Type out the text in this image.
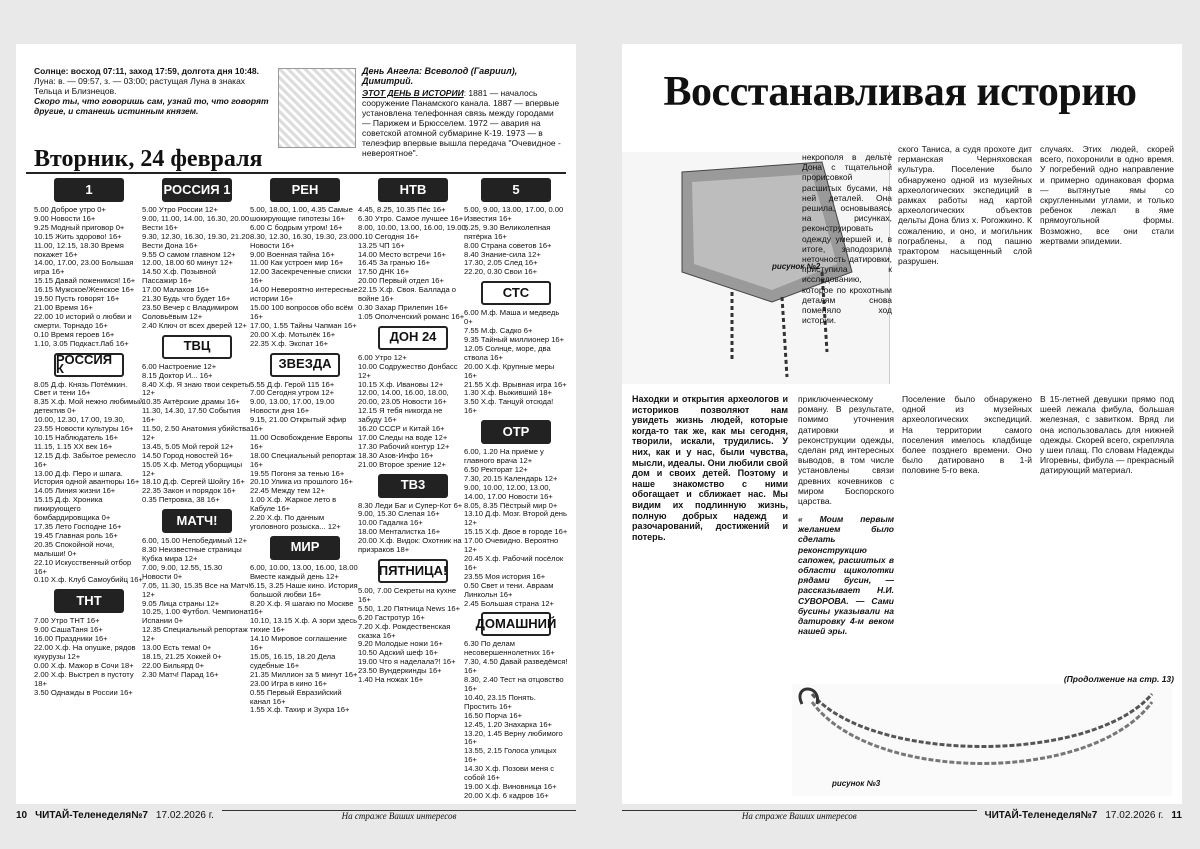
Солнце: восход 07:11, заход 17:59, долгота дня 10:48.

Луна: в. — 09:57, з. — 03:00; растущая Луна в знаках Тельца и Близнецов.

Скоро ты, что говоришь сам, узнай то, что говорят другие, и станешь истинным князем.

День Ангела: Всеволод (Гавриил), Димитрий.

ЭТОТ ДЕНЬ В ИСТОРИИ: 1881 — началось сооружение Панамского канала. 1887 — впервые установлена телефонная связь между городами — Парижем и Брюсселем. 1972 — авария на советской атомной субмарине К-19. 1973 — в телеэфир впервые вышла передача "Очевидное - невероятное".

Вторник, 24 февраля
1

5.00 Доброе утро 0+

9.00 Новости 16+

9.25 Модный приговор 0+

10.15 Жить здорово! 16+

11.00, 12.15, 18.30 Время покажет 16+

14.00, 17.00, 23.00 Большая игра 16+

15.15 Давай поженимся! 16+

16.15 Мужское/Женское 16+

19.50 Пусть говорят 16+

21.00 Время 16+

22.00 10 историй о любви и смерти. Торнадо 16+

0.10 Время героев 16+

1.10, 3.05 Подкаст.Лаб 16+

РОССИЯ К

8.05 Д.ф. Князь Потёмкин. Свет и тени 16+

8.35 Х.ф. Мой нежно любимый детектив 0+

10.00, 12.30, 17.00, 19.30, 23.55 Новости культуры 16+

10.15 Наблюдатель 16+

11.15, 1.15 ХХ век 16+

12.15 Д.ф. Забытое ремесло 16+

13.00 Д.ф. Перо и шпага. История одной авантюры 16+

14.05 Линия жизни 16+

15.15 Д.ф. Хроника пикирующего бомбардировщика 0+

17.35 Лето Господне 16+

19.45 Главная роль 16+

20.35 Спокойной ночи, малыши! 0+

22.10 Искусственный отбор 16+

0.10 Х.ф. Клуб Самоубийц 16+

ТНТ

7.00 Утро ТНТ 16+

9.00 СашаТаня 16+

16.00 Праздники 16+

22.00 Х.ф. На опушке, рядов кукурузы 12+

0.00 Х.ф. Мажор в Сочи 18+

2.00 Х.ф. Выстрел в пустоту 18+

3.50 Однажды в России 16+

РОССИЯ 1

5.00 Утро России 12+

9.00, 11.00, 14.00, 16.30, 20.00 Вести 16+

9.30, 12.30, 16.30, 19.30, 21.20 Вести Дона 16+

9.55 О самом главном 12+

12.00, 18.00 60 минут 12+

14.50 Х.ф. Позывной Пассажир 16+

17.00 Малахов 16+

21.30 Будь что будет 16+

23.50 Вечер с Владимиром Соловьёвым 12+

2.40 Ключ от всех дверей 12+

ТВЦ

6.00 Настроение 12+

8.15 Доктор И... 16+

8.40 Х.ф. Я знаю твои секреты 12+

10.35 Актёрские драмы 16+

11.30, 14.30, 17.50 События 16+

11.50, 2.50 Анатомия убийства 12+

13.45, 5.05 Мой герой 12+

14.50 Город новостей 16+

15.05 Х.ф. Метод уборщицы 12+

18.10 Д.ф. Сергей Шойгу 16+

22.35 Закон и порядок 16+

0.35 Петровка, 38 16+

МАТЧ!

6.00, 15.00 Непобедимый 12+

8.30 Неизвестные страницы Кубка мира 12+

7.00, 9.00, 12.55, 15.30 Новости 0+

7.05, 11.30, 15.35 Все на Матч! 12+

9.05 Лица страны 12+

10.25, 1.00 Футбол. Чемпионат Испании 0+

12.35 Специальный репортаж 12+

13.00 Есть тема! 0+

18.15, 21.25 Хоккей 0+

22.00 Бильярд 0+

2.30 Матч! Парад 16+

РЕН

5.00, 18.00, 1.00, 4.35 Самые шокирующие гипотезы 16+

6.00 С бодрым утром! 16+

8.30, 12.30, 16.30, 19.30, 23.00 Новости 16+

9.00 Военная тайна 16+

11.00 Как устроен мир 16+

12.00 Засекреченные списки 16+

14.00 Невероятно интересные истории 16+

15.00 100 вопросов обо всём 16+

17.00, 1.55 Тайны Чапман 16+

20.00 Х.ф. Мотылёк 16+

22.35 Х.ф. Экспат 16+

ЗВЕЗДА

5.55 Д.ф. Герой 115 16+

7.00 Сегодня утром 12+

9.00, 13.00, 17.00, 19.00 Новости дня 16+

9.15, 21.00 Открытый эфир 16+

11.00 Освобождение Европы 16+

18.00 Специальный репортаж 16+

19.55 Погоня за тенью 16+

20.10 Улика из прошлого 16+

22.45 Между тем 12+

1.00 Х.ф. Жаркое лето в Кабуле 16+

2.20 Х.ф. По данным уголовного розыска... 12+

МИР

6.00, 10.00, 13.00, 16.00, 18.00 Вместе каждый день 12+

6.15, 3.25 Наше кино. История большой любви 16+

8.20 Х.ф. Я шагаю по Москве 16+

10.10, 13.15 Х.ф. А зори здесь тихие 16+

14.10 Мировое соглашение 16+

15.05, 16.15, 18.20 Дела судебные 16+

21.35 Миллион за 5 минут 16+

23.00 Игра в кино 16+

0.55 Первый Евразийский канал 16+

1.55 Х.ф. Тахир и Зухра 16+

НТВ

4.45, 8.25, 10.35 Пёс 16+

6.30 Утро. Самое лучшее 16+

8.00, 10.00, 13.00, 16.00, 19.00, 0.10 Сегодня 16+

13.25 ЧП 16+

14.00 Место встречи 16+

16.45 За гранью 16+

17.50 ДНК 16+

20.00 Первый отдел 16+

22.15 Х.ф. Своя. Баллада о войне 16+

0.30 Захар Прилепин 16+

1.05 Ополченский романс 16+

ДОН 24

6.00 Утро 12+

10.00 Содружество Донбасс 12+

10.15 Х.ф. Ивановы 12+

12.00, 14.00, 16.00, 18.00, 20.00, 23.05 Новости 16+

12.15 Я тебя никогда не забуду 16+

16.20 СССР и Китай 16+

17.00 Следы на воде 12+

17.30 Рабочий контур 12+

18.30 Азов-Инфо 16+

21.00 Второе зрение 12+

ТВ3

8.30 Леди Баг и Супер-Кот 6+

9.00, 15.30 Слепая 16+

10.00 Гадалка 16+

18.00 Менталистка 16+

20.00 Х.ф. Видок: Охотник на призраков 18+

ПЯТНИЦА!

5.00, 7.00 Секреты на кухне 16+

5.50, 1.20 Пятница News 16+

6.20 Гастротур 16+

7.20 Х.ф. Рождественская сказка 16+

9.20 Молодые ножи 16+

10.50 Адский шеф 16+

19.00 Что я наделала?! 16+

23.50 Вундеркинды 16+

1.40 На ножах 16+

5

5.00, 9.00, 13.00, 17.00, 0.00 Известия 16+

5.25, 9.30 Великолепная пятёрка 16+

8.00 Страна советов 16+

8.40 Знание-сила 12+

17.30, 2.05 След 16+

22.20, 0.30 Свои 16+

СТС

6.00 М.ф. Маша и медведь 0+

7.55 М.ф. Садко 6+

9.35 Тайный миллионер 16+

12.05 Солнце, море, два ствола 16+

20.00 Х.ф. Крупные меры 16+

21.55 Х.ф. Врывная игра 16+

1.30 Х.ф. Выживший 18+

3.50 Х.ф. Танцуй отсюда! 16+

ОТР

6.00, 1.20 На приёме у главного врача 12+

6.50 Ректорат 12+

7.30, 20.15 Календарь 12+

9.00, 10.00, 12.00, 13.00, 14.00, 17.00 Новости 16+

8.05, 8.35 Пёстрый мир 0+

13.10 Д.ф. Мозг. Второй день 12+

15.15 Х.ф. Двое в городе 16+

17.00 Очевидно. Вероятно 12+

20.45 Х.ф. Рабочий посёлок 16+

23.55 Моя история 16+

0.50 Свет и тени. Авраам Линкольн 16+

2.45 Большая страна 12+

ДОМАШНИЙ

6.30 По делам несовершеннолетних 16+

7.30, 4.50 Давай разведёмся! 16+

8.30, 2.40 Тест на отцовство 16+

10.40, 23.15 Понять. Простить 16+

16.50 Порча 16+

12.45, 1.20 Знахарка 16+

13.20, 1.45 Верну любимого 16+

13.55, 2.15 Голоса улицых 16+

14.30 Х.ф. Позови меня с собой 16+

19.00 Х.ф. Виновница 16+

20.00 Х.ф. 6 кадров 16+

10 ЧИТАЙ-Теленеделя№7 17.02.2026 г.	На страже Ваших интересов
Восстанавливая историю
рисунок №2
некрополя в дельте Дона с тщательной прорисовкой расшитых бусами, на ней деталей. Она решила, основываясь на рисунках, реконструировать одежду умершей и, в итоге, заподозрила неточность датировки, приступила к исследованию, которое по крохотным деталям снова поменяло ход истории.
ского Таниса, а судя прохоте дит германская Черняховская культура. Поселение было обнаружено одной из музейных археологических экспедиций в рамках работы над картой археологических объектов дельты Дона близ х. Рогожкино. К сожалению, и оно, и могильник пограблены, а под пашню трактором насыщенный слой разрушен.
случаях. Этих людей, скорей всего, похоронили в одно время. У погребений одно направление и примерно одинаковая форма — вытянутые ямы со скругленными углами, и только ребенок лежал в яме прямоугольной формы. Возможно, все они стали жертвами эпидемии.
Находки и открытия археологов и историков позволяют нам увидеть жизнь людей, которые когда-то так же, как мы сегодня, творили, искали, трудились. У них, как и у нас, были чувства, мысли, идеалы. Они любили свой дом и своих детей. Поэтому и наше знакомство с ними обогащает и сближает нас. Мы видим их подлинную жизнь, полную добрых надежд и разочарований, достижений и потерь.
приключенческому роману. В результате, помимо уточнения датировки и реконструкции одежды, сделан ряд интересных выводов, в том числе установлены связи древних кочевников с миром Боспорского царства.
« Моим первым желанием было сделать реконструкцию сапожек, расшитых в области щиколотки рядами бусин, — рассказывает Н.И. СУВОРОВА. — Сами бусины указывали на датировку 4-м веком нашей эры.
Поселение было обнаружено одной из музейных археологических экспедиций. На территории самого поселения имелось кладбище более позднего времени. Оно было датировано в 1-й половине 5-го века.
В 15-летней девушки прямо под шеей лежала фибула, большая железная, с завитком. Вряд ли она использовалась для нижней одежды. Скорей всего, скрепляла у шеи плащ. По словам Надежды Игоревны, фибула — прекрасный датирующий материал.
(Продолжение на стр. 13)
рисунок №3
На страже Ваших интересов	ЧИТАЙ-Теленеделя№7 17.02.2026 г. 11
